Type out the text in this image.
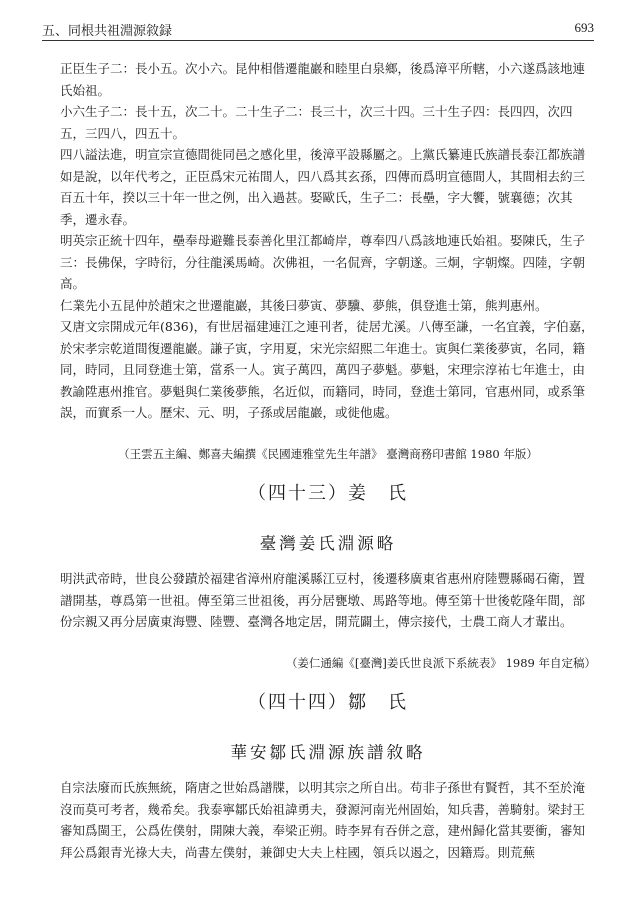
五、同根共祖淵源敘録	693

正臣生子二：長小五。次小六。昆仲相偕遷龍巖和睦里白泉鄉，後爲漳平所轄，小六遂爲該地連氏始祖。

小六生子二：長十五，次二十。二十生子二：長三十，次三十四。三十生子四：長四四，次四五，三四八，四五十。

四八謚法進，明宣宗宣德間徙同邑之感化里，後漳平設縣屬之。上黨氏纂連氏族譜長泰江都族譜如是說，以年代考之，正臣爲宋元祐間人，四八爲其玄孫，四傳而爲明宣德間人，其間相去約三百五十年，揆以三十年一世之例，出入過甚。娶歐氏，生子二：長壘，字大饗，號襄德；次其季，遷永春。

明英宗正統十四年，壘奉母避難長泰善化里江都崎岸，尊奉四八爲該地連氏始祖。娶陳氏，生子三：長佛保，字時衍，分往龍溪馬崎。次佛祖，一名侃齊，字朝遂。三炯，字朝燦。四陸，字朝高。

仁業先小五昆仲於趙宋之世遷龍巖，其後曰夢寅、夢驥、夢熊，俱登進士第，熊判惠州。

又唐文宗開成元年(836)，有世居福建連江之連刊者，徒居尤溪。八傳至謙，一名宜義，字伯嘉，於宋孝宗乾道間復遷龍巖。謙子寅，字用夏，宋光宗紹熙二年進士。寅與仁業後夢寅，名同，籍同，時同，且同登進士第，當系一人。寅子萬四，萬四子夢魁。夢魁，宋理宗淳祐七年進士，由教諭陞惠州推官。夢魁與仁業後夢熊，名近似，而籍同，時同，登進士第同，官惠州同，或系筆誤，而實系一人。歷宋、元、明，子孫或居龍巖，或徙他處。

（王雲五主編、鄭喜夫編撰《民國連雅堂先生年譜》 臺灣商務印書館 1980 年版）
（四十三）姜　氏
臺灣姜氏淵源略

明洪武帝時，世良公發蹟於福建省漳州府龍溪縣江豆村，後遷移廣東省惠州府陸豐縣碣石衛，置譜開基，尊爲第一世祖。傳至第三世祖後，再分居甕墩、馬路等地。傳至第十世後乾隆年間，部份宗親又再分居廣東海豐、陸豐、臺灣各地定居，開荒闢土，傳宗接代，士農工商人才輩出。

（姜仁通編《[臺灣]姜氏世良派下系統表》 1989 年自定稿）
（四十四）鄒　氏
華安鄒氏淵源族譜敘略

自宗法廢而氏族無統，隋唐之世始爲譜牒，以明其宗之所自出。苟非子孫世有賢哲，其不至於淹沒而莫可考者，幾希矣。我泰寧鄒氏始祖諱勇夫，發源河南光州固始，知兵書，善騎射。梁封王審知爲閩王，公爲佐僕射，開陳大義，奉梁正朔。時李昇有吞併之意，建州歸化當其要衝，審知拜公爲銀青光祿大夫，尚書左僕射，兼御史大夫上柱國，領兵以遏之，因籍焉。則荒蕪
